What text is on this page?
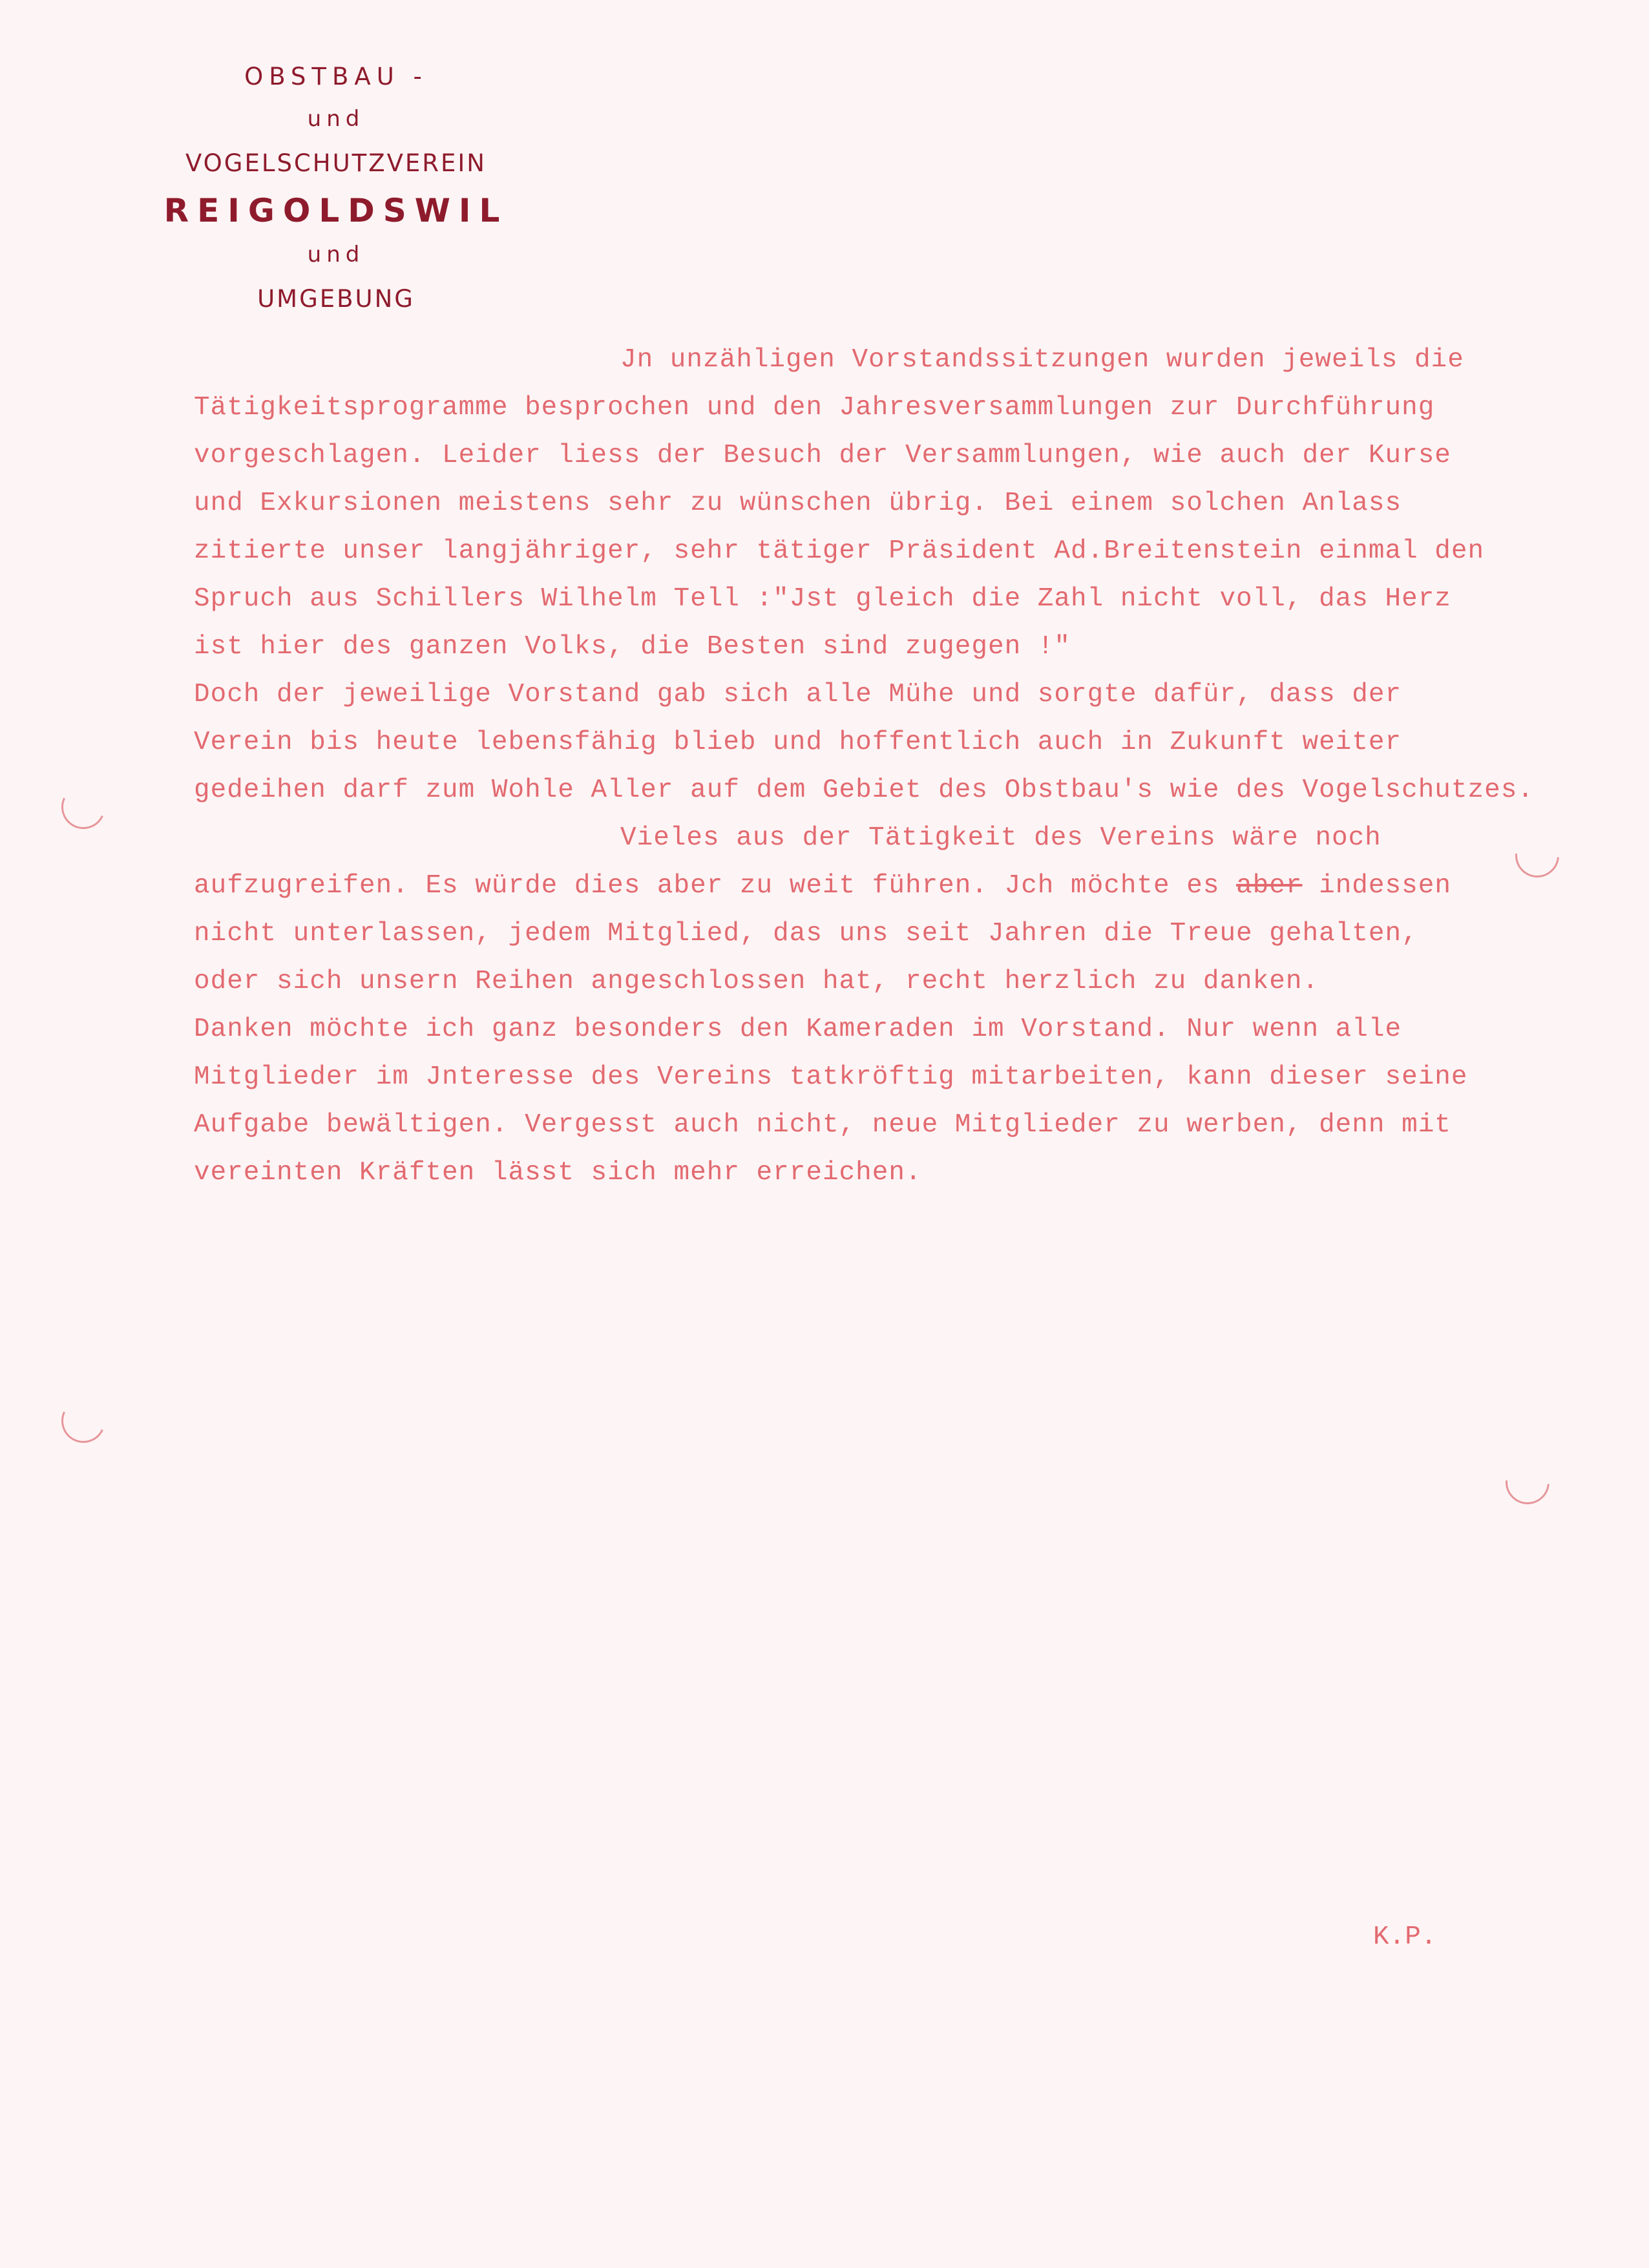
OBSTBAU -
und
VOGELSCHUTZVEREIN
REIGOLDSWIL
und
UMGEBUNG
Jn unzähligen Vorstandssitzungen wurden jeweils die
Tätigkeitsprogramme besprochen und den Jahresversammlungen zur Durchführung
vorgeschlagen. Leider liess der Besuch der Versammlungen, wie auch der Kurse
und Exkursionen meistens sehr zu wünschen übrig. Bei einem solchen Anlass
zitierte unser langjähriger, sehr tätiger Präsident Ad.Breitenstein einmal den
Spruch aus Schillers Wilhelm Tell :"Jst gleich die Zahl nicht voll, das Herz
ist hier des ganzen Volks, die Besten sind zugegen !"
Doch der jeweilige Vorstand gab sich alle Mühe und sorgte dafür, dass der
Verein bis heute lebensfähig blieb und hoffentlich auch in Zukunft weiter
gedeihen darf zum Wohle Aller auf dem Gebiet des Obstbau's wie des Vogelschutzes.
Vieles aus der Tätigkeit des Vereins wäre noch
aufzugreifen. Es würde dies aber zu weit führen. Jch möchte es aber indessen
nicht unterlassen, jedem Mitglied, das uns seit Jahren die Treue gehalten,
oder sich unsern Reihen angeschlossen hat, recht herzlich zu danken.
Danken möchte ich ganz besonders den Kameraden im Vorstand. Nur wenn alle
Mitglieder im Jnteresse des Vereins tatkröftig mitarbeiten, kann dieser seine
Aufgabe bewältigen. Vergesst auch nicht, neue Mitglieder zu werben, denn mit
vereinten Kräften lässt sich mehr erreichen.
K.P.
